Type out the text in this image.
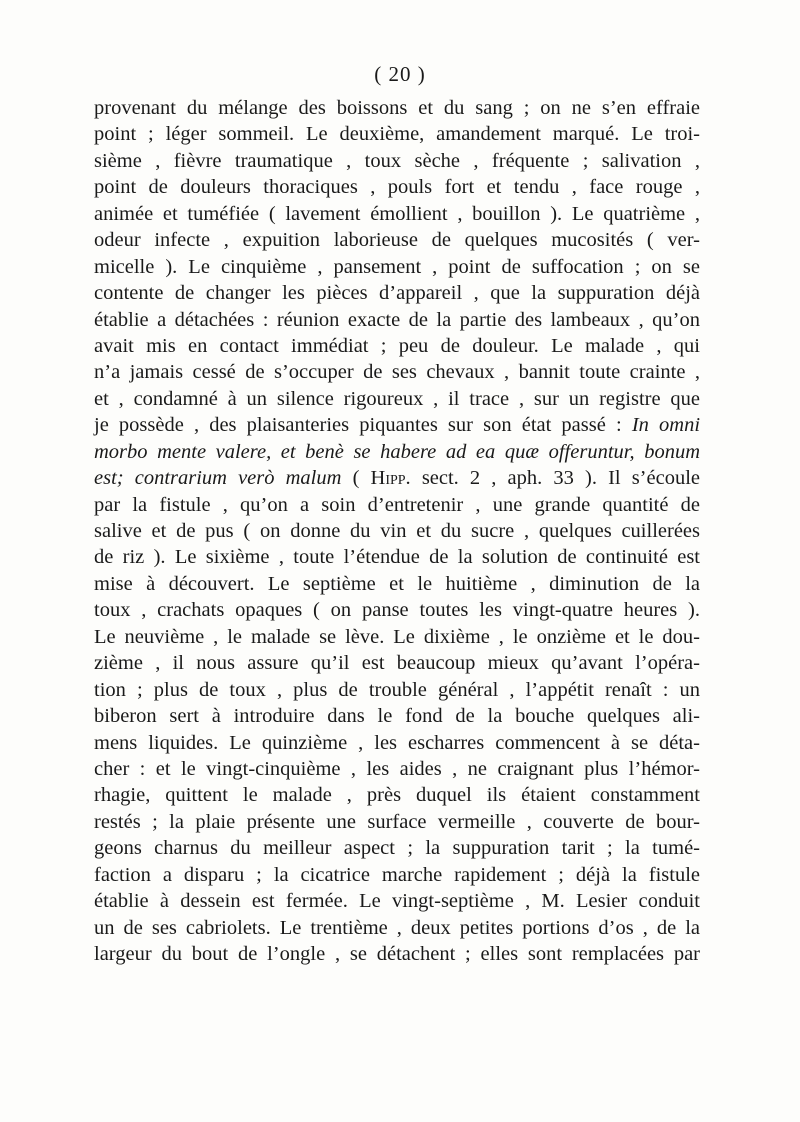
( 20 )
provenant du mélange des boissons et du sang ; on ne s’en effraie
point ; léger sommeil. Le deuxième, amandement marqué. Le troi-
sième , fièvre traumatique , toux sèche , fréquente ; salivation ,
point de douleurs thoraciques , pouls fort et tendu , face rouge ,
animée et tuméfiée ( lavement émollient , bouillon ). Le quatrième ,
odeur infecte , expuition laborieuse de quelques mucosités ( ver-
micelle ). Le cinquième , pansement , point de suffocation ; on se
contente de changer les pièces d’appareil , que la suppuration déjà
établie a détachées : réunion exacte de la partie des lambeaux , qu’on
avait mis en contact immédiat ; peu de douleur. Le malade , qui
n’a jamais cessé de s’occuper de ses chevaux , bannit toute crainte ,
et , condamné à un silence rigoureux , il trace , sur un registre que
je possède , des plaisanteries piquantes sur son état passé : In omni
morbo mente valere, et benè se habere ad ea quæ offeruntur, bonum
est; contrarium verò malum ( Hipp. sect. 2 , aph. 33 ). Il s’écoule
par la fistule , qu’on a soin d’entretenir , une grande quantité de
salive et de pus ( on donne du vin et du sucre , quelques cuillerées
de riz ). Le sixième , toute l’étendue de la solution de continuité est
mise à découvert. Le septième et le huitième , diminution de la
toux , crachats opaques ( on panse toutes les vingt-quatre heures ).
Le neuvième , le malade se lève. Le dixième , le onzième et le dou-
zième , il nous assure qu’il est beaucoup mieux qu’avant l’opéra-
tion ; plus de toux , plus de trouble général , l’appétit renaît : un
biberon sert à introduire dans le fond de la bouche quelques ali-
mens liquides. Le quinzième , les escharres commencent à se déta-
cher : et le vingt-cinquième , les aides , ne craignant plus l’hémor-
rhagie, quittent le malade , près duquel ils étaient constamment
restés ; la plaie présente une surface vermeille , couverte de bour-
geons charnus du meilleur aspect ; la suppuration tarit ; la tumé-
faction a disparu ; la cicatrice marche rapidement ; déjà la fistule
établie à dessein est fermée. Le vingt-septième , M. Lesier conduit
un de ses cabriolets. Le trentième , deux petites portions d’os , de la
largeur du bout de l’ongle , se détachent ; elles sont remplacées par
